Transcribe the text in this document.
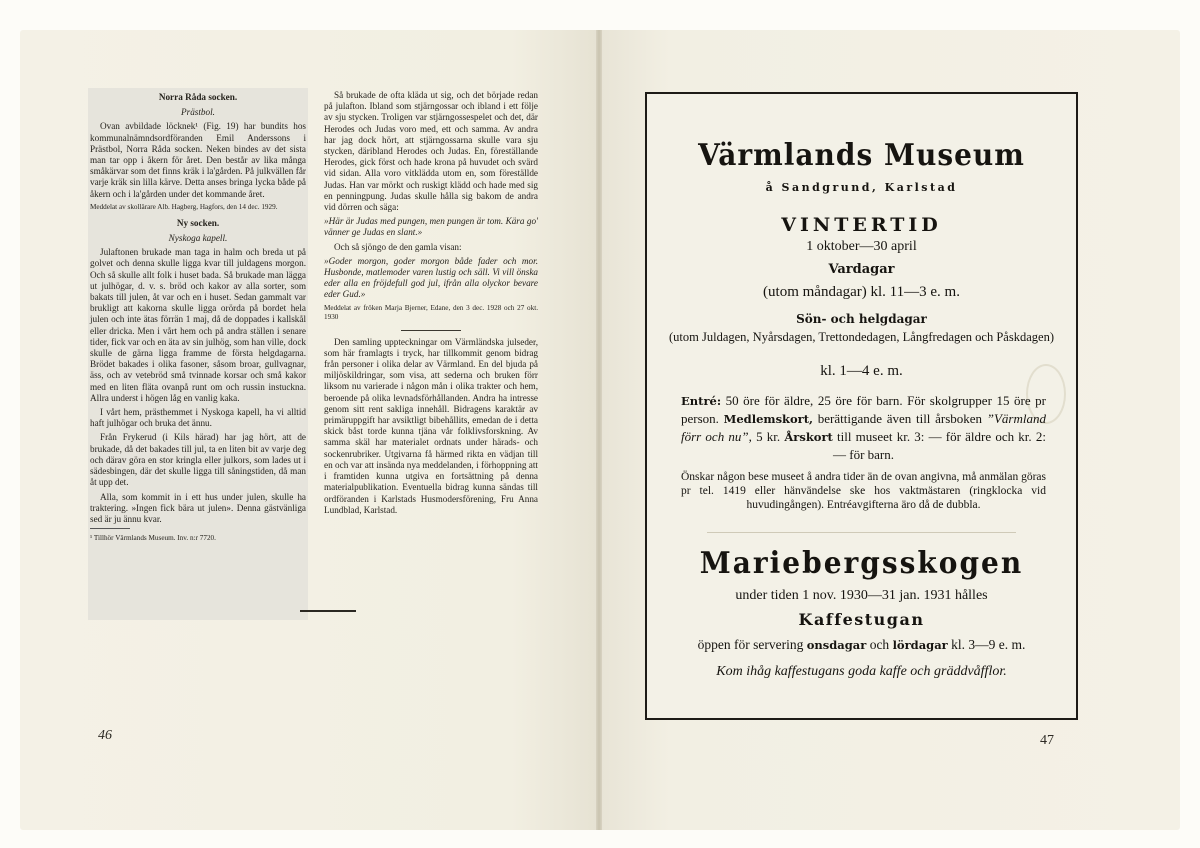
Norra Råda socken.

Prästbol.

Ovan avbildade löcknek¹ (Fig. 19) har bundits hos kommunalnämndsordföranden Emil Anderssons i Prästbol, Norra Råda socken. Neken bindes av det sista man tar opp i åkern för året. Den består av lika många småkärvar som det finns kräk i la'gården. På julkvällen får varje kräk sin lilla kärve. Detta anses bringa lycka både på åkern och i la'gården under det kommande året.

Meddelat av skollärare Alb. Hagberg, Hagfors, den 14 dec. 1929.

Ny socken.

Nyskoga kapell.

Julaftonen brukade man taga in halm och breda ut på golvet och denna skulle ligga kvar till juldagens morgon. Och så skulle allt folk i huset bada. Så brukade man lägga ut julhögar, d. v. s. bröd och kakor av alla sorter, som bakats till julen, åt var och en i huset. Sedan gammalt var brukligt att kakorna skulle ligga orörda på bordet hela julen och inte ätas förrän 1 maj, då de doppades i kallskål eller dricka. Men i vårt hem och på andra ställen i senare tider, fick var och en äta av sin julhög, som han ville, dock skulle de gärna ligga framme de första helgdagarna. Brödet bakades i olika fasoner, såsom broar, gullvagnar, äss, och av vetebröd små tvinnade korsar och små kakor med en liten fläta ovanpå runt om och russin instuckna. Allra underst i högen låg en vanlig kaka.

I vårt hem, prästhemmet i Nyskoga kapell, ha vi alltid haft julhögar och bruka det ännu.

Från Frykerud (i Kils härad) har jag hört, att de brukade, då det bakades till jul, ta en liten bit av varje deg och därav göra en stor kringla eller julkors, som lades ut i sädesbingen, där det skulle ligga till såningstiden, då man åt upp det.

Alla, som kommit in i ett hus under julen, skulle ha traktering. »Ingen fick bära ut julen». Denna gästvänliga sed är ju ännu kvar.

¹ Tillhör Värmlands Museum. Inv. n:r 7720.

Så brukade de ofta kläda ut sig, och det började redan på julafton. Ibland som stjärngossar och ibland i ett följe av sju stycken. Troligen var stjärngossespelet och det, där Herodes och Judas voro med, ett och samma. Av andra har jag dock hört, att stjärngossarna skulle vara sju stycken, däribland Herodes och Judas. En, föreställande Herodes, gick först och hade krona på huvudet och svärd vid sidan. Alla voro vitklädda utom en, som föreställde Judas. Han var mörkt och ruskigt klädd och hade med sig en penningpung. Judas skulle hålla sig bakom de andra vid dörren och säga:

»Här är Judas med pungen, men pungen är tom. Kära go' vänner ge Judas en slant.»

Och så sjöngo de den gamla visan:

»Goder morgon, goder morgon både fader och mor. Husbonde, matlemoder varen lustig och säll. Vi vill önska eder alla en fröjdefull god jul, ifrån alla olyckor bevare eder Gud.»

Meddelat av fröken Marja Bjerner, Edane, den 3 dec. 1928 och 27 okt. 1930

Den samling uppteckningar om Värmländska julseder, som här framlagts i tryck, har tillkommit genom bidrag från personer i olika delar av Värmland. En del bjuda på miljöskildringar, som visa, att sederna och bruken förr liksom nu varierade i någon mån i olika trakter och hem, beroende på olika levnadsförhållanden. Andra ha intresse genom sitt rent sakliga innehåll. Bidragens karaktär av primäruppgift har avsiktligt bibehållits, emedan de i detta skick båst torde kunna tjäna vår folklivsforskning. Av samma skäl har materialet ordnats under härads- och sockenrubriker. Utgivarna få härmed rikta en vädjan till en och var att insända nya meddelanden, i förhoppning att i framtiden kunna utgiva en fortsättning på denna materialpublikation. Eventuella bidrag kunna sändas till ordföranden i Karlstads Husmodersförening, Fru Anna Lundblad, Karlstad.

46
Värmlands Museum
å Sandgrund, Karlstad
VINTERTID
1 oktober—30 april
Vardagar
(utom måndagar) kl. 11—3 e. m.
Sön- och helgdagar
(utom Juldagen, Nyårsdagen, Trettondedagen, Långfredagen och Påskdagen)
kl. 1—4 e. m.
Entré: 50 öre för äldre, 25 öre för barn. För skolgrupper 15 öre pr person. Medlemskort, berättigande även till årsboken ”Värmland förr och nu”, 5 kr. Årskort till museet kr. 3: — för äldre och kr. 2: — för barn.
Önskar någon bese museet å andra tider än de ovan angivna, må anmälan göras pr tel. 1419 eller hänvändelse ske hos vaktmästaren (ringklocka vid huvudingången). Entréavgifterna äro då de dubbla.
Mariebergsskogen
under tiden 1 nov. 1930—31 jan. 1931 hålles
Kaffestugan
öppen för servering onsdagar och lördagar kl. 3—9 e. m.
Kom ihåg kaffestugans goda kaffe och gräddvåfflor.
47
